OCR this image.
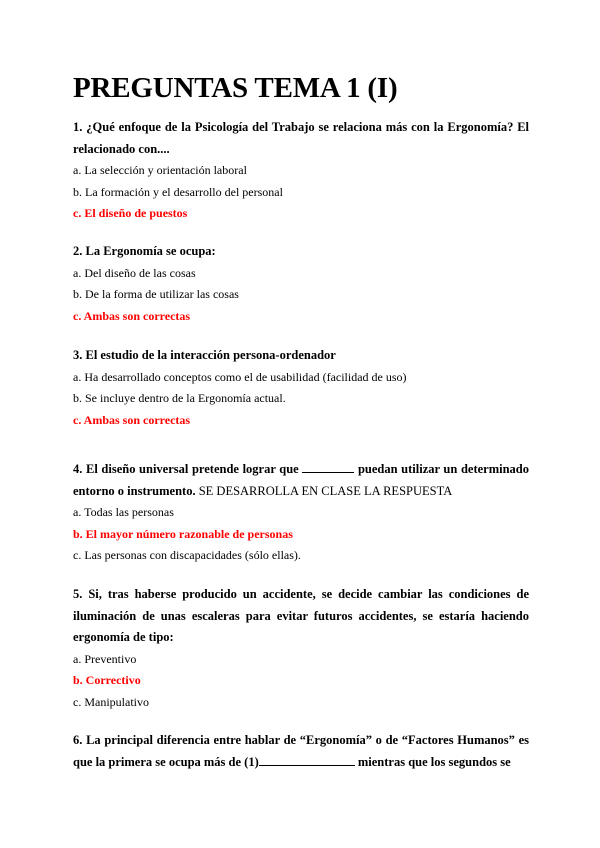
PREGUNTAS TEMA 1 (I)

1. ¿Qué enfoque de la Psicología del Trabajo se relaciona más con la Ergonomía? El relacionado con....

a. La selección y orientación laboral

b. La formación y el desarrollo del personal

c. El diseño de puestos

2. La Ergonomía se ocupa:

a. Del diseño de las cosas

b. De la forma de utilizar las cosas

c. Ambas son correctas

3. El estudio de la interacción persona-ordenador

a. Ha desarrollado conceptos como el de usabilidad (facilidad de uso)

b. Se incluye dentro de la Ergonomía actual.

c. Ambas son correctas

4. El diseño universal pretende lograr que	puedan utilizar un determinado entorno o instrumento. SE DESARROLLA EN CLASE LA RESPUESTA

a. Todas las personas

b. El mayor número razonable de personas

c. Las personas con discapacidades (sólo ellas).

5. Si, tras haberse producido un accidente, se decide cambiar las condiciones de iluminación de unas escaleras para evitar futuros accidentes, se estaría haciendo ergonomía de tipo:

a. Preventivo

b. Correctivo

c. Manipulativo

6. La principal diferencia entre hablar de “Ergonomía” o de “Factores Humanos” es que la primera se ocupa más de (1)	mientras que los segundos se
